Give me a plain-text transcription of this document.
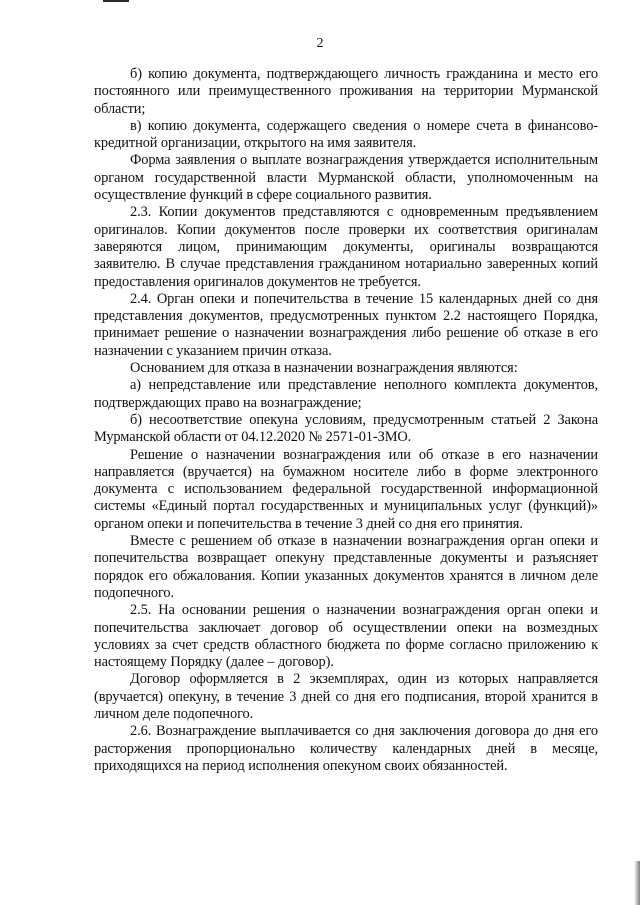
2

б) копию документа, подтверждающего личность гражданина и место его постоянного или преимущественного проживания на территории Мурманской области;

в) копию документа, содержащего сведения о номере счета в финансово-кредитной организации, открытого на имя заявителя.

Форма заявления о выплате вознаграждения утверждается исполнительным органом государственной власти Мурманской области, уполномоченным на осуществление функций в сфере социального развития.

2.3. Копии документов представляются с одновременным предъявлением оригиналов. Копии документов после проверки их соответствия оригиналам заверяются лицом, принимающим документы, оригиналы возвращаются заявителю. В случае представления гражданином нотариально заверенных копий предоставления оригиналов документов не требуется.

2.4. Орган опеки и попечительства в течение 15 календарных дней со дня представления документов, предусмотренных пунктом 2.2 настоящего Порядка, принимает решение о назначении вознаграждения либо решение об отказе в его назначении с указанием причин отказа.

Основанием для отказа в назначении вознаграждения являются:

а) непредставление или представление неполного комплекта документов, подтверждающих право на вознаграждение;

б) несоответствие опекуна условиям, предусмотренным статьей 2 Закона Мурманской области от 04.12.2020 № 2571-01-ЗМО.

Решение о назначении вознаграждения или об отказе в его назначении направляется (вручается) на бумажном носителе либо в форме электронного документа с использованием федеральной государственной информационной системы «Единый портал государственных и муниципальных услуг (функций)» органом опеки и попечительства в течение 3 дней со дня его принятия.

Вместе с решением об отказе в назначении вознаграждения орган опеки и попечительства возвращает опекуну представленные документы и разъясняет порядок его обжалования. Копии указанных документов хранятся в личном деле подопечного.

2.5. На основании решения о назначении вознаграждения орган опеки и попечительства заключает договор об осуществлении опеки на возмездных условиях за счет средств областного бюджета по форме согласно приложению к настоящему Порядку (далее – договор).

Договор оформляется в 2 экземплярах, один из которых направляется (вручается) опекуну, в течение 3 дней со дня его подписания, второй хранится в личном деле подопечного.

2.6. Вознаграждение выплачивается со дня заключения договора до дня его расторжения пропорционально количеству календарных дней в месяце, приходящихся на период исполнения опекуном своих обязанностей.
